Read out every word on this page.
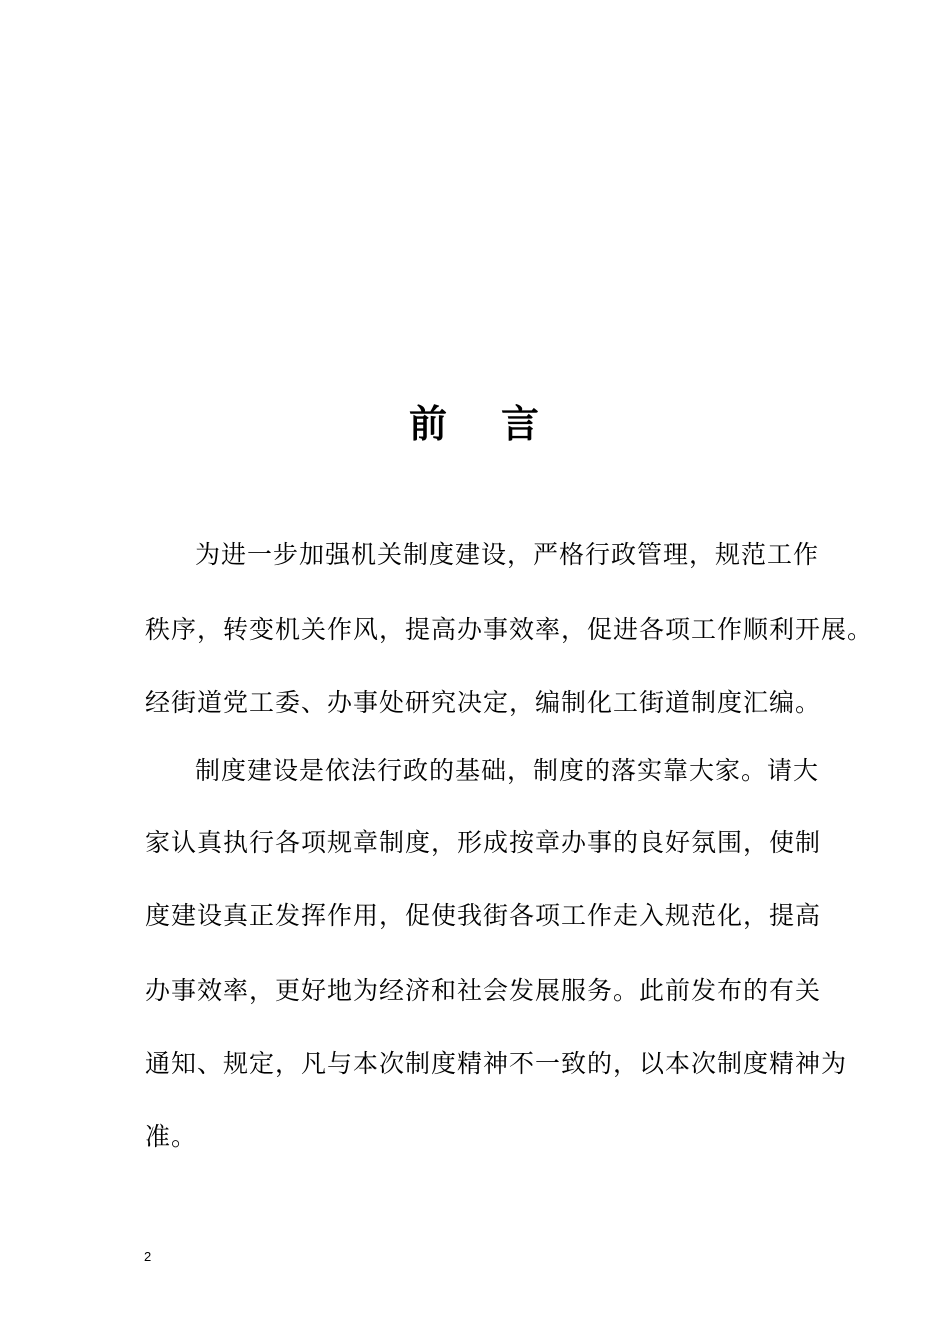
前 言

为进一步加强机关制度建设，严格行政管理，规范工作

秩序，转变机关作风，提高办事效率，促进各项工作顺利开展。

经街道党工委、办事处研究决定，编制化工街道制度汇编。

制度建设是依法行政的基础，制度的落实靠大家。请大

家认真执行各项规章制度，形成按章办事的良好氛围，使制

度建设真正发挥作用，促使我街各项工作走入规范化，提高

办事效率，更好地为经济和社会发展服务。此前发布的有关

通知、规定，凡与本次制度精神不一致的，以本次制度精神为

准。

2
